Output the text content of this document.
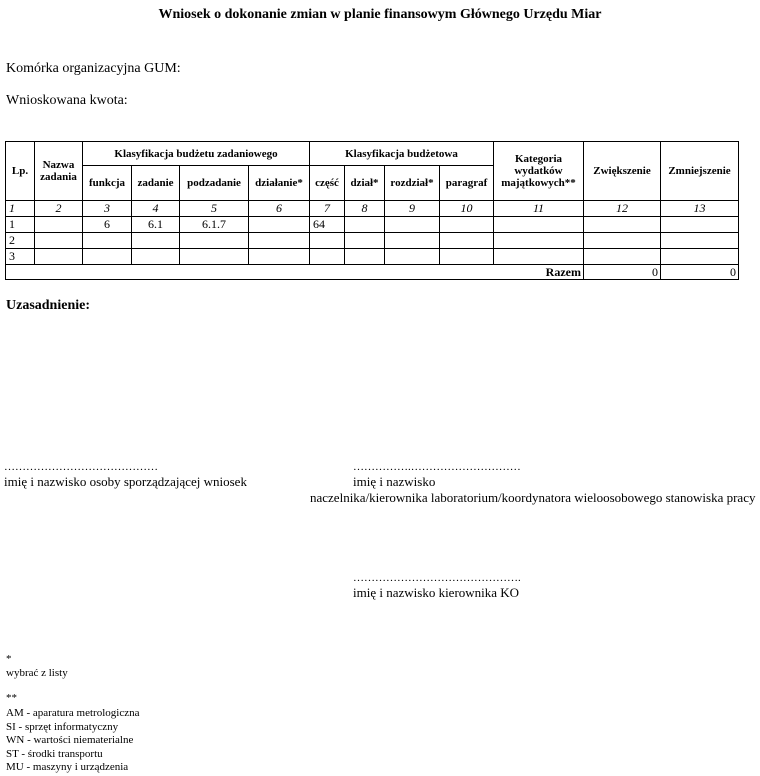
Wniosek o dokonanie zmian w planie finansowym Głównego Urzędu Miar
Komórka organizacyjna GUM:
Wnioskowana kwota:
Lp.	Nazwa zadania	Klasyfikacja budżetu zadaniowego				Klasyfikacja budżetowa				Kategoria wydatków majątkowych**	Zwiększenie	Zmniejszenie
		funkcja	zadanie	podzadanie	działanie*	część	dział*	rozdział*	paragraf			
1	2	3	4	5	6	7	8	9	10	11	12	13
1		6	6.1	6.1.7		64						
2												
3												
Razem											0	0
Uzasadnienie:
……………………………………
imię i nazwisko osoby sporządzającej wniosek
…………….…………………………
imię i nazwisko
naczelnika/kierownika laboratorium/koordynatora wieloosobowego stanowiska pracy
……………………………………….
imię i nazwisko kierownika KO
*
wybrać z listy
**
AM - aparatura metrologiczna
SI - sprzęt informatyczny
WN - wartości niematerialne
ST - środki transportu
MU - maszyny i urządzenia
